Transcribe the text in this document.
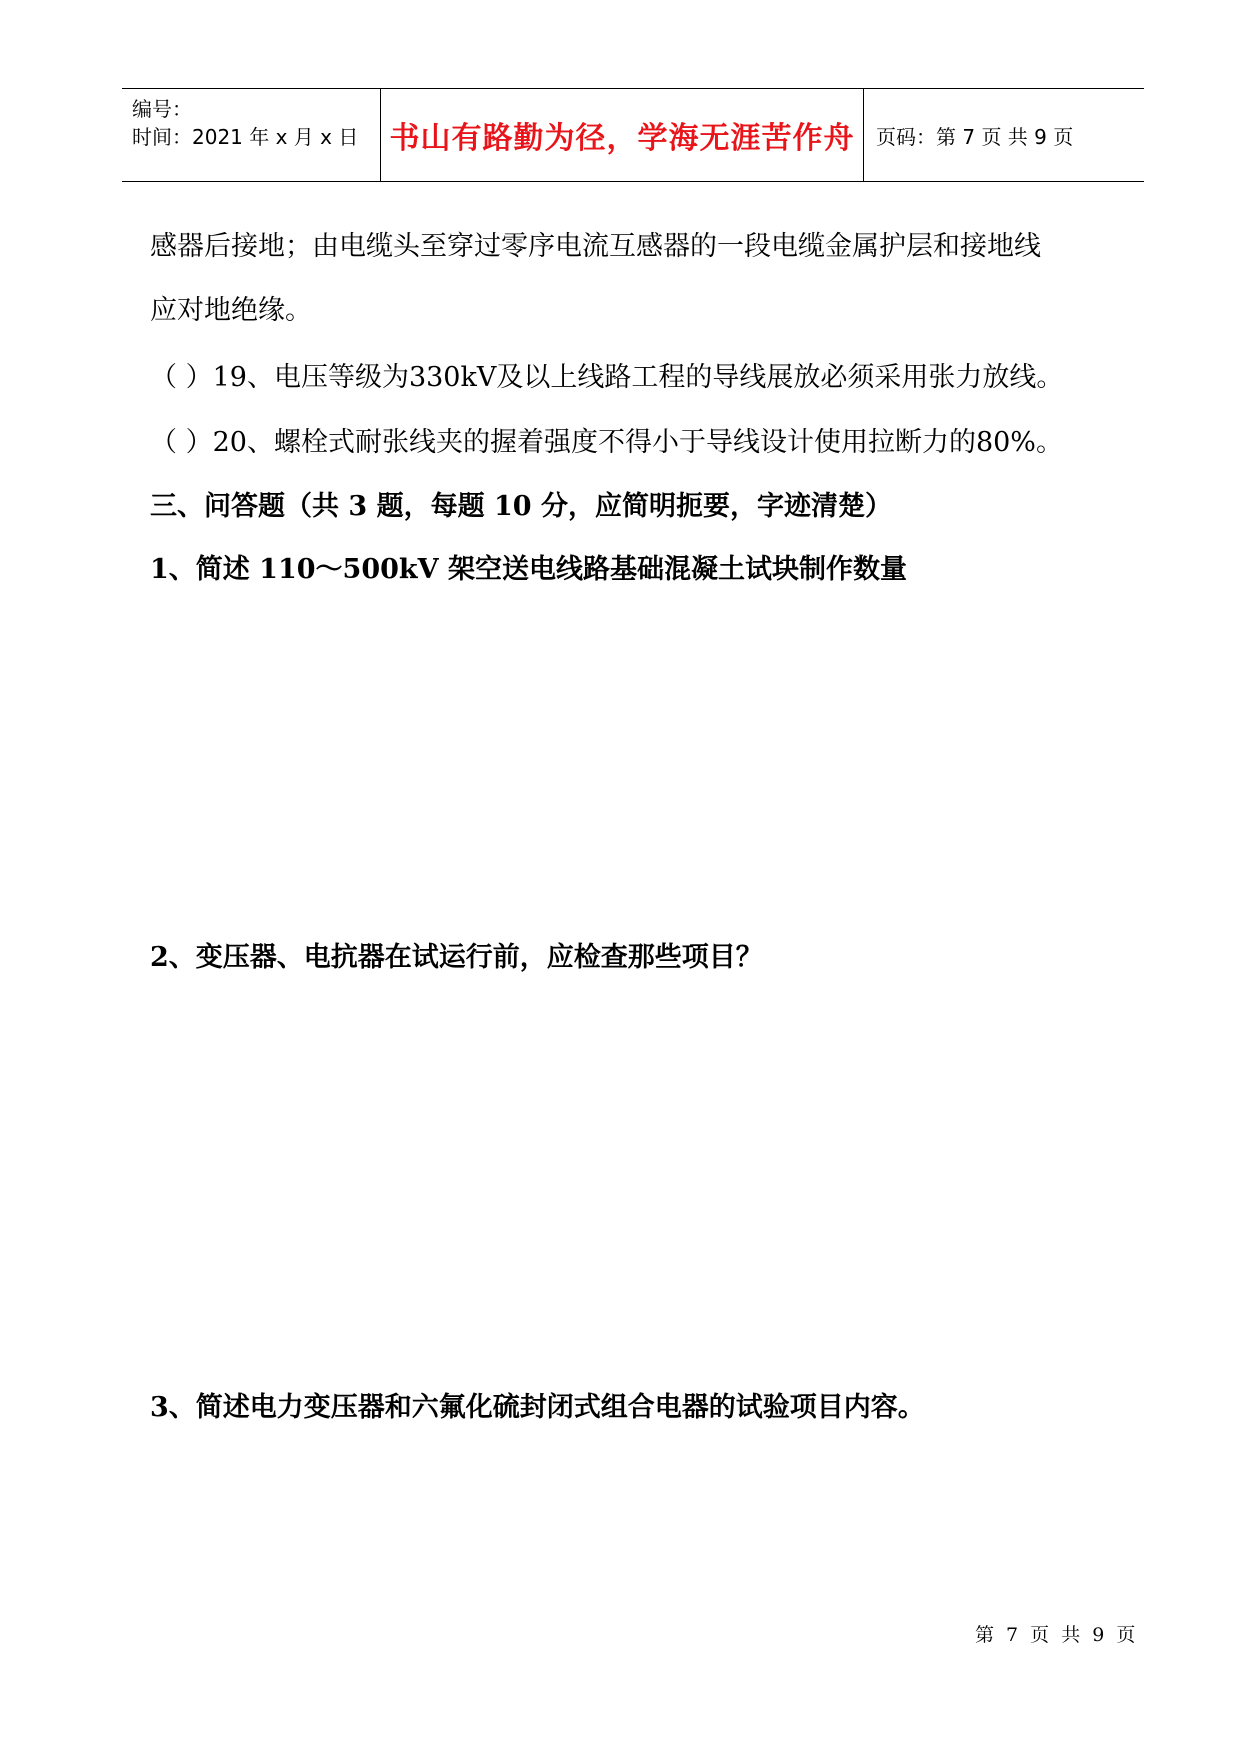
编号：
时间：2021 年 x 月 x 日	书山有路勤为径，学海无涯苦作舟	页码：第 7 页 共 9 页
感器后接地；由电缆头至穿过零序电流互感器的一段电缆金属护层和接地线
应对地绝缘。
（ ）19、电压等级为330kV及以上线路工程的导线展放必须采用张力放线。
（ ）20、螺栓式耐张线夹的握着强度不得小于导线设计使用拉断力的80%。
三、问答题（共 3 题，每题 10 分，应简明扼要，字迹清楚）
1、简述 110～500kV 架空送电线路基础混凝土试块制作数量
2、变压器、电抗器在试运行前，应检查那些项目？
3、简述电力变压器和六氟化硫封闭式组合电器的试验项目内容。
第 7 页 共 9 页
